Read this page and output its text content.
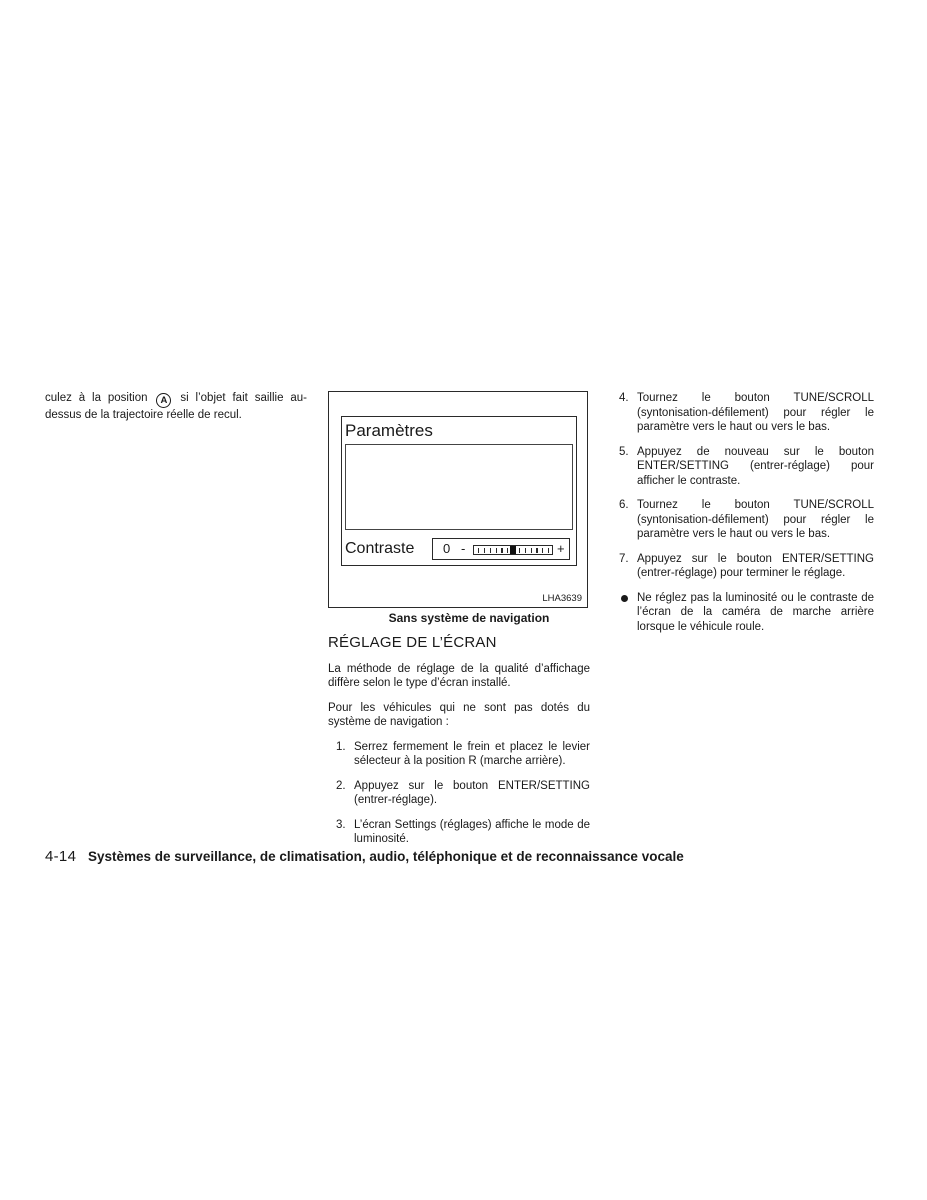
culez à la position A si l’objet fait saillie au-dessus de la trajectoire réelle de recul.

Paramètres
Contraste 0 -	+
LHA3639
Sans système de navigation
RÉGLAGE DE L’ÉCRAN

La méthode de réglage de la qualité d’affichage diffère selon le type d’écran installé.

Pour les véhicules qui ne sont pas dotés du système de navigation :

1. Serrez fermement le frein et placez le levier sélecteur à la position R (marche arrière).
2. Appuyez sur le bouton ENTER/SETTING (entrer-réglage).
3. L’écran Settings (réglages) affiche le mode de luminosité.
4. Tournez le bouton TUNE/SCROLL (syntonisation-défilement) pour régler le paramètre vers le haut ou vers le bas.
5. Appuyez de nouveau sur le bouton ENTER/SETTING (entrer-réglage) pour afficher le contraste.
6. Tournez le bouton TUNE/SCROLL (syntonisation-défilement) pour régler le paramètre vers le haut ou vers le bas.
7. Appuyez sur le bouton ENTER/SETTING (entrer-réglage) pour terminer le réglage.
Ne réglez pas la luminosité ou le contraste de l’écran de la caméra de marche arrière lorsque le véhicule roule.
4-14 Systèmes de surveillance, de climatisation, audio, téléphonique et de reconnaissance vocale
